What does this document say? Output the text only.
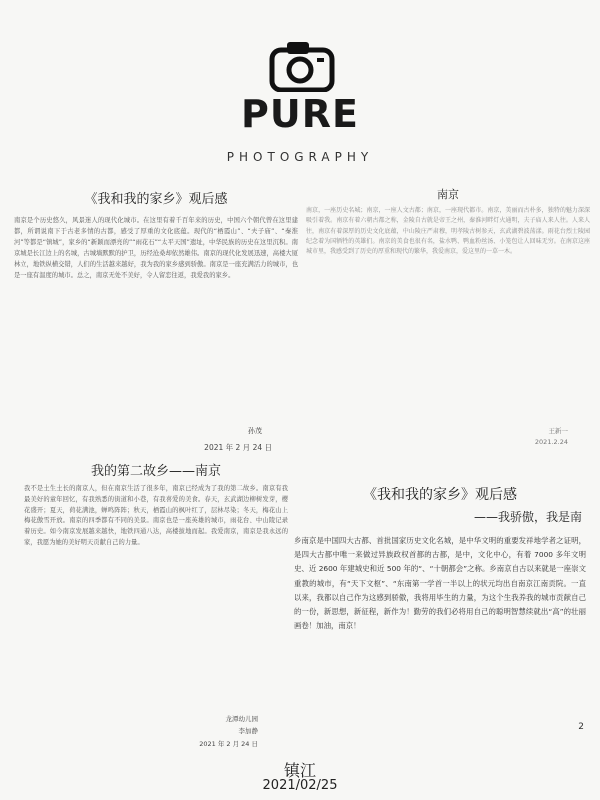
PURE
PHOTOGRAPHY
《我和我的家乡》观后感

南京是个历史悠久，风景迷人的现代化城市。在这里有着千百年来的历史，中国六个朝代曾在这里建都，所谓说南下于古老多情的古都，感受了厚重的文化底蕴。现代的“栖霞山”、“夫子庙”、“秦淮河”等都是“镇城”，家乡的“新颖而漂亮的”“雨花石”“太平天国”遗址，中华民族的历史在这里沉积。南京城是长江边上的名城，古城墙默默的护卫，历经沧桑却依然雄伟。南京的现代化发展迅速，高楼大厦林立，地铁纵横交错，人们的生活越来越好，我为我的家乡感到骄傲。南京是一座充满活力的城市，也是一座有温度的城市。总之，南京无处不美好，令人留恋往返，我爱我的家乡。

孙茂
2021 年 2 月 24 日
南京

南京，一座历史名城；南京，一座人文古都；南京，一座现代都市。南京，美丽而古朴多，独特的魅力深深吸引着我。南京有着六朝古都之称，金陵自古就是帝王之州，秦淮河畔灯火通明，夫子庙人来人往。人来人往，南京有着深厚的历史文化底蕴，中山陵庄严肃穆，明孝陵古树参天，玄武湖碧波荡漾。雨花台烈士陵园纪念着为国牺牲的英雄们。南京的美食也很有名，盐水鸭、鸭血粉丝汤、小笼包让人回味无穷。在南京这座城市里，我感受到了历史的厚重和现代的繁华，我爱南京，爱这里的一草一木。

王新一
2021.2.24
我的第二故乡——南京

我不是土生土长的南京人，但在南京生活了很多年，南京已经成为了我的第二故乡。南京有我最美好的童年回忆，有我熟悉的街道和小巷，有我喜爱的美食。春天，玄武湖边柳树发芽，樱花盛开；夏天，荷花满池，蝉鸣阵阵；秋天，栖霞山的枫叶红了，层林尽染；冬天，梅花山上梅花傲雪开放。南京的四季都有不同的美景。南京也是一座英雄的城市，雨花台、中山陵记录着历史。如今南京发展越来越快，地铁四通八达，高楼拔地而起。我爱南京，南京是我永远的家，我愿为她的美好明天贡献自己的力量。

龙潭幼儿园
李加静
2021 年 2 月 24 日
《我和我的家乡》观后感
——我骄傲，我是南

乡南京是中国四大古都、首批国家历史文化名城，是中华文明的重要发祥地学者之证明，是四大古都中唯一来做过异族政权首都的古都，是中，文化中心，有着 7000 多年文明史、近 2600 年建城史和近 500 年的“、“十朝都会”之称。乡南京自古以来就是一座崇文重教的城市，有“天下文枢”、“东南第一学首一半以上的状元均出自南京江南贡院。一直以来，我都以自己作为这感到骄傲，我将用毕生的力量，为这个生我养我的城市贡献自己的一份，新思想，新征程，新作为！勤劳的我们必将用自己的聪明智慧续就出“高”的壮丽画卷！加油，南京！

2
镇江
2021/02/25
